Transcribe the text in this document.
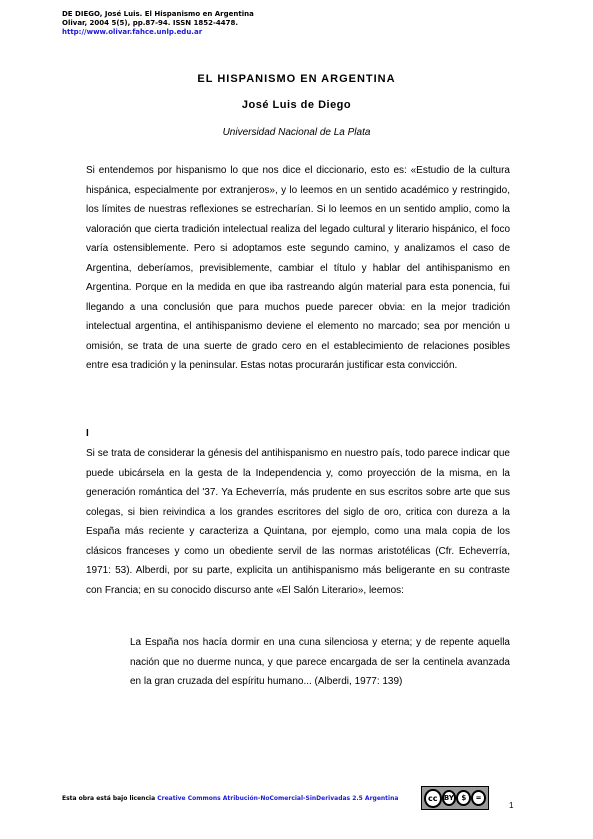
DE DIEGO, José Luis. El Hispanismo en Argentina
Olivar, 2004 5(5), pp.87-94. ISSN 1852-4478.
http://www.olivar.fahce.unlp.edu.ar
EL HISPANISMO EN ARGENTINA
José Luis de Diego
Universidad Nacional de La Plata
Si entendemos por hispanismo lo que nos dice el diccionario, esto es: «Estudio de la cultura hispánica, especialmente por extranjeros», y lo leemos en un sentido académico y restringido, los límites de nuestras reflexiones se estrecharían. Si lo leemos en un sentido amplio, como la valoración que cierta tradición intelectual realiza del legado cultural y literario hispánico, el foco varía ostensiblemente. Pero si adoptamos este segundo camino, y analizamos el caso de Argentina, deberíamos, previsiblemente, cambiar el título y hablar del antihispanismo en Argentina. Porque en la medida en que iba rastreando algún material para esta ponencia, fui llegando a una conclusión que para muchos puede parecer obvia: en la mejor tradición intelectual argentina, el antihispanismo deviene el elemento no marcado; sea por mención u omisión, se trata de una suerte de grado cero en el establecimiento de relaciones posibles entre esa tradición y la peninsular. Estas notas procurarán justificar esta convicción.
I
Si se trata de considerar la génesis del antihispanismo en nuestro país, todo parece indicar que puede ubicársela en la gesta de la Independencia y, como proyección de la misma, en la generación romántica del '37. Ya Echeverría, más prudente en sus escritos sobre arte que sus colegas, si bien reivindica a los grandes escritores del siglo de oro, critica con dureza a la España más reciente y caracteriza a Quintana, por ejemplo, como una mala copia de los clásicos franceses y como un obediente servil de las normas aristotélicas (Cfr. Echeverría, 1971: 53). Alberdi, por su parte, explicita un antihispanismo más beligerante en su contraste con Francia; en su conocido discurso ante «El Salón Literario», leemos:
La España nos hacía dormir en una cuna silenciosa y eterna; y de repente aquella nación que no duerme nunca, y que parece encargada de ser la centinela avanzada en la gran cruzada del espíritu humano... (Alberdi, 1977: 139)
Esta obra está bajo licencia Creative Commons Atribución-NoComercial-SinDerivadas 2.5 Argentina	cc BY	$	=
1
